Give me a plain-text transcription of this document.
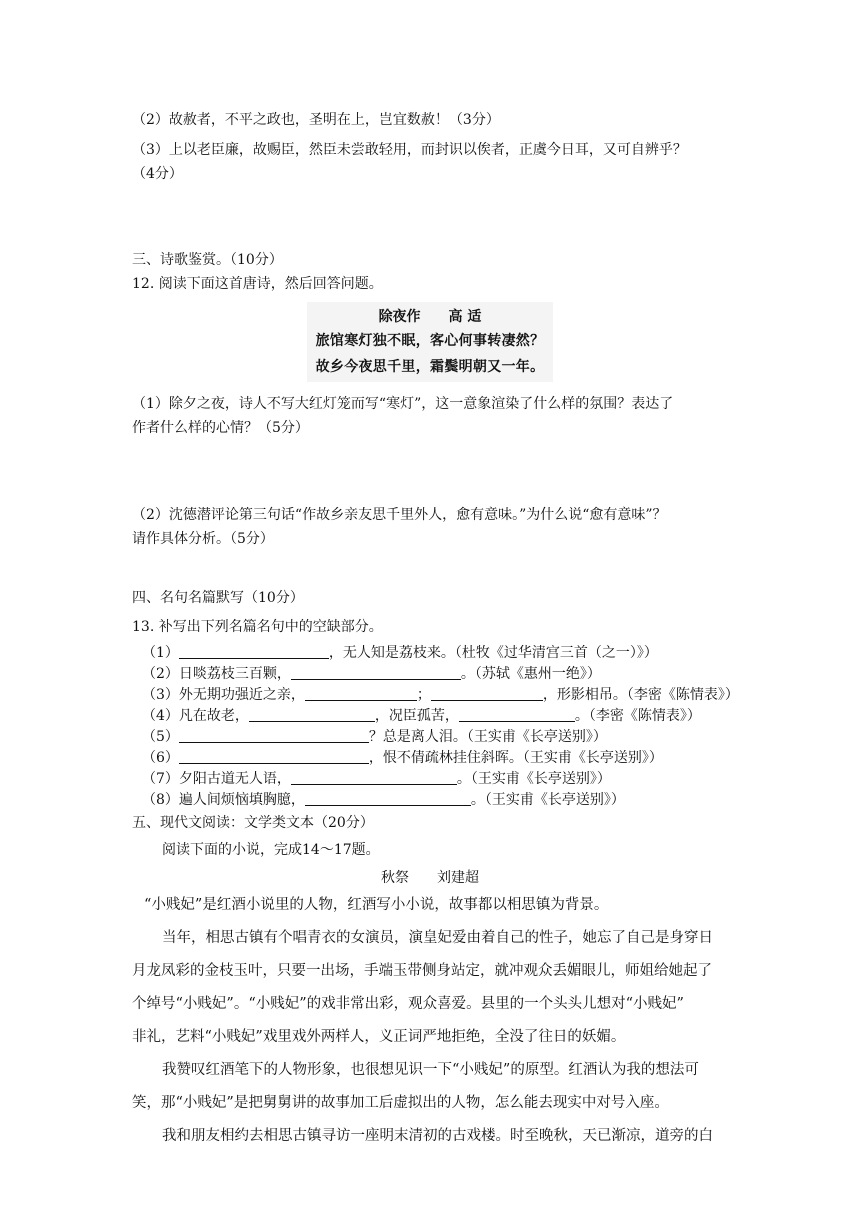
（2）故赦者，不平之政也，圣明在上，岂宜数赦！（3分）
（3）上以老臣廉，故赐臣，然臣未尝敢轻用，而封识以俟者，正虞今日耳，又可自辨乎？
（4分）
三、诗歌鉴赏。（10分）
12. 阅读下面这首唐诗，然后回答问题。
除夜作　　高 适
旅馆寒灯独不眠，客心何事转凄然？
故乡今夜思千里，霜鬓明朝又一年。
（1）除夕之夜，诗人不写大红灯笼而写“寒灯”，这一意象渲染了什么样的氛围？表达了
作者什么样的心情？（5分）
（2）沈德潜评论第三句话“作故乡亲友思千里外人，愈有意味。”为什么说“愈有意味”？
请作具体分析。（5分）
四、名句名篇默写（10分）
13. 补写出下列名篇名句中的空缺部分。
（1）	，无人知是荔枝来。（杜牧《过华清宫三首（之一）》）
（2）日啖荔枝三百颗，	。（苏轼《惠州一绝》）
（3）外无期功强近之亲，	；	，形影相吊。（李密《陈情表》）
（4）凡在故老，	，况臣孤苦，	。（李密《陈情表》）
（5）	？总是离人泪。（王实甫《长亭送别》）
（6）	，恨不倩疏林挂住斜晖。（王实甫《长亭送别》）
（7）夕阳古道无人语，	。（王实甫《长亭送别》）
（8）遍人间烦恼填胸臆，	。（王实甫《长亭送别》）
五、现代文阅读：文学类文本（20分）
阅读下面的小说，完成14～17题。
秋祭　　刘建超
“小贱妃”是红酒小说里的人物，红酒写小小说，故事都以相思镇为背景。
当年，相思古镇有个唱青衣的女演员，演皇妃爱由着自己的性子，她忘了自己是身穿日
月龙凤彩的金枝玉叶，只要一出场，手端玉带侧身站定，就冲观众丢媚眼儿，师姐给她起了
个绰号“小贱妃”。“小贱妃”的戏非常出彩，观众喜爱。县里的一个头头儿想对“小贱妃”
非礼，艺料“小贱妃”戏里戏外两样人，义正词严地拒绝，全没了往日的妖媚。
我赞叹红酒笔下的人物形象，也很想见识一下“小贱妃”的原型。红酒认为我的想法可
笑，那“小贱妃”是把舅舅讲的故事加工后虚拟出的人物，怎么能去现实中对号入座。
我和朋友相约去相思古镇寻访一座明末清初的古戏楼。时至晚秋，天已渐凉，道旁的白
